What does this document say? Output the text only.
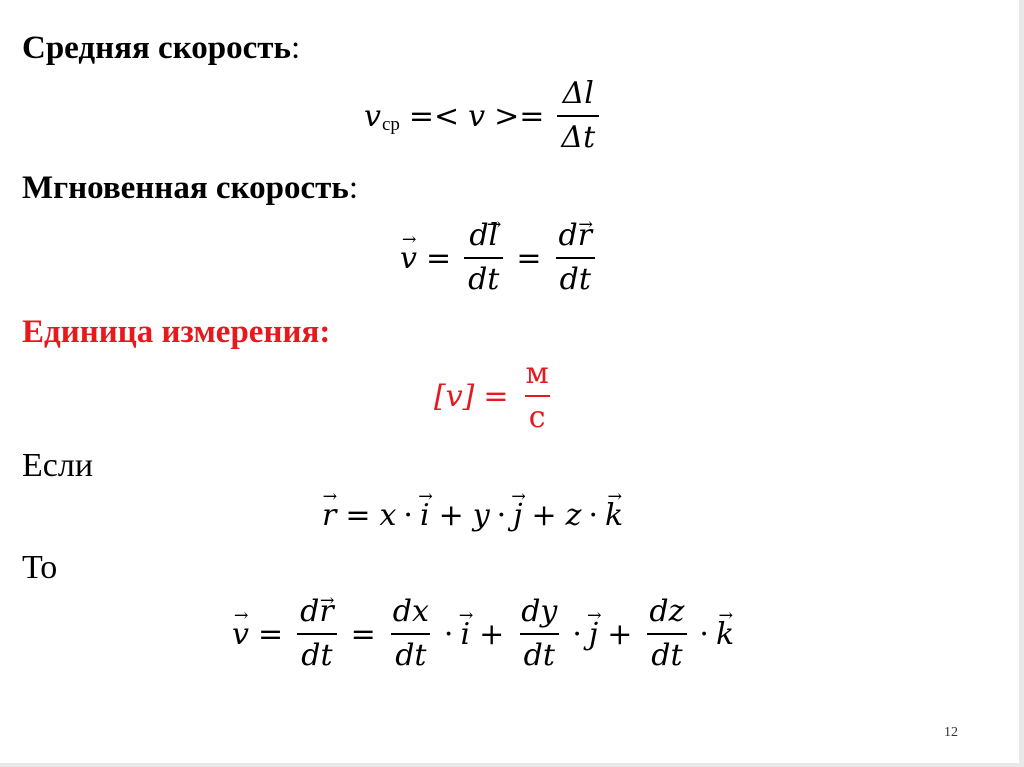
Средняя скорость:
v ср =< $v >= \frac{\Delta l}{\Delta t}$
Мгновенная скорость:
→ $v = \frac{d\to l}{dt} = \frac{d\to r}{dt}$
Единица измерения:
$[v] = \frac{м}{с}$
Если
→ r = x · → i + y · → j + z · → k
То
→ $v = \frac{d\to r}{dt} = \frac{dx}{dt}$ · → $i + \frac{dy}{dt}$ · → $j + \frac{dz}{dt}$ · → k
12
